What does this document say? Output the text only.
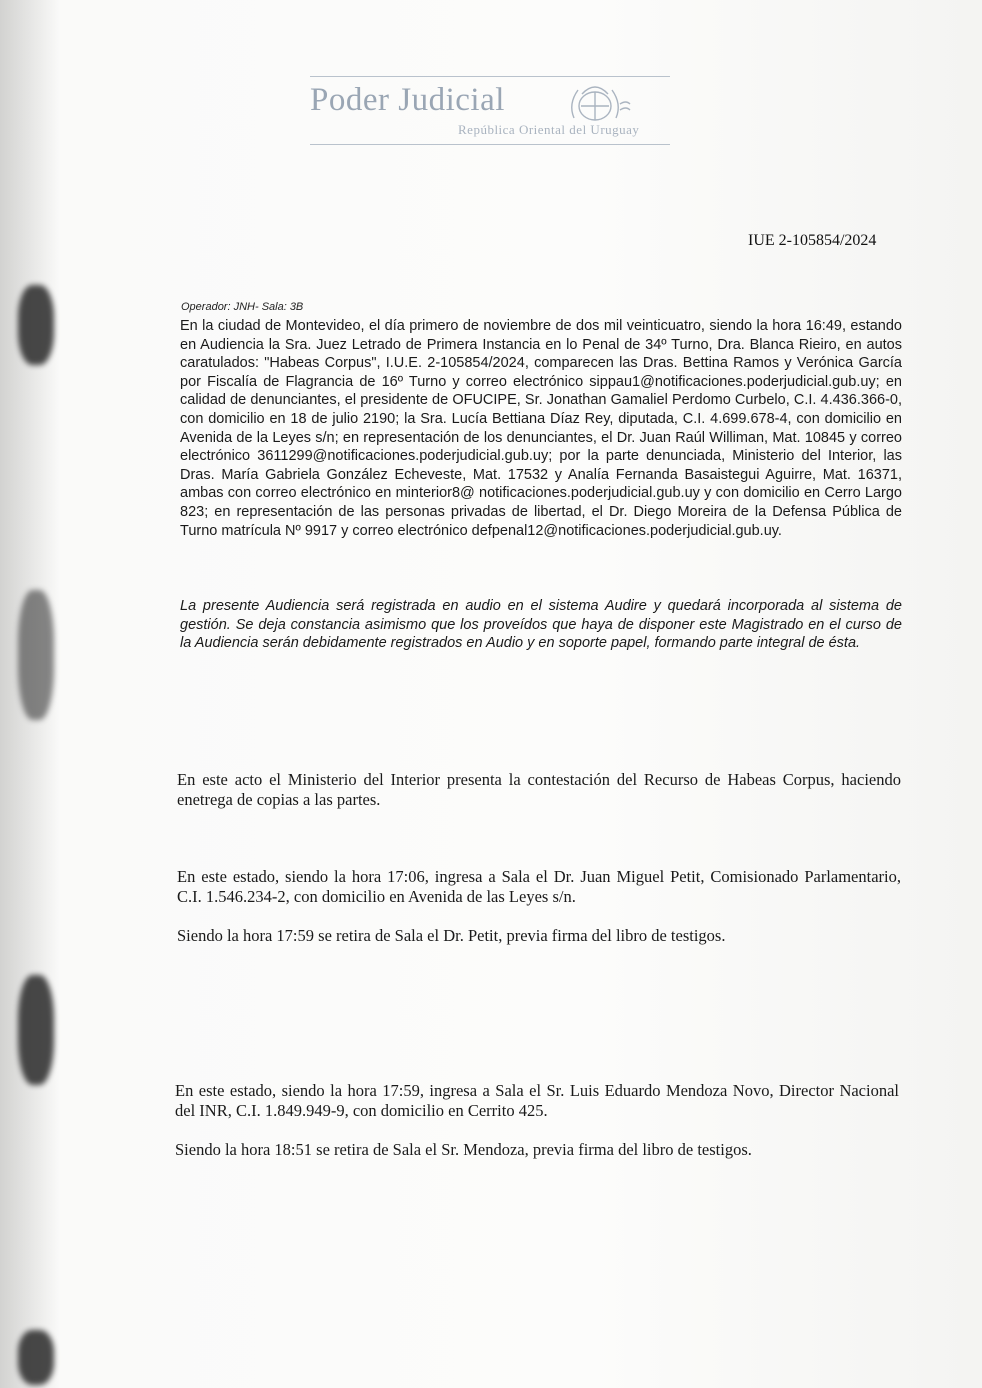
Poder Judicial
República Oriental del Uruguay
IUE 2-105854/2024
Operador: JNH- Sala: 3B
En la ciudad de Montevideo, el día primero de noviembre de dos mil veinticuatro, siendo la hora 16:49, estando en Audiencia la Sra. Juez Letrado de Primera Instancia en lo Penal de 34º Turno, Dra. Blanca Rieiro, en autos caratulados: "Habeas Corpus", I.U.E. 2-105854/2024, comparecen las Dras. Bettina Ramos y Verónica García por Fiscalía de Flagrancia de 16º Turno y correo electrónico sippau1@notificaciones.poderjudicial.gub.uy; en calidad de denunciantes, el presidente de OFUCIPE, Sr. Jonathan Gamaliel Perdomo Curbelo, C.I. 4.436.366-0, con domicilio en 18 de julio 2190; la Sra. Lucía Bettiana Díaz Rey, diputada, C.I. 4.699.678-4, con domicilio en Avenida de la Leyes s/n; en representación de los denunciantes, el Dr. Juan Raúl Williman, Mat. 10845 y correo electrónico 3611299@notificaciones.poderjudicial.gub.uy; por la parte denunciada, Ministerio del Interior, las Dras. María Gabriela González Echeveste, Mat. 17532 y Analía Fernanda Basaistegui Aguirre, Mat. 16371, ambas con correo electrónico en minterior8@ notificaciones.poderjudicial.gub.uy y con domicilio en Cerro Largo 823; en representación de las personas privadas de libertad, el Dr. Diego Moreira de la Defensa Pública de Turno matrícula Nº 9917 y correo electrónico defpenal12@notificaciones.poderjudicial.gub.uy.
La presente Audiencia será registrada en audio en el sistema Audire y quedará incorporada al sistema de gestión. Se deja constancia asimismo que los proveídos que haya de disponer este Magistrado en el curso de la Audiencia serán debidamente registrados en Audio y en soporte papel, formando parte integral de ésta.
En este acto el Ministerio del Interior presenta la contestación del Recurso de Habeas Corpus, haciendo enetrega de copias a las partes.
En este estado, siendo la hora 17:06, ingresa a Sala el Dr. Juan Miguel Petit, Comisionado Parlamentario, C.I. 1.546.234-2, con domicilio en Avenida de las Leyes s/n.
Siendo la hora 17:59 se retira de Sala el Dr. Petit, previa firma del libro de testigos.
En este estado, siendo la hora 17:59, ingresa a Sala el Sr. Luis Eduardo Mendoza Novo, Director Nacional del INR, C.I. 1.849.949-9, con domicilio en Cerrito 425.
Siendo la hora 18:51 se retira de Sala el Sr. Mendoza, previa firma del libro de testigos.
